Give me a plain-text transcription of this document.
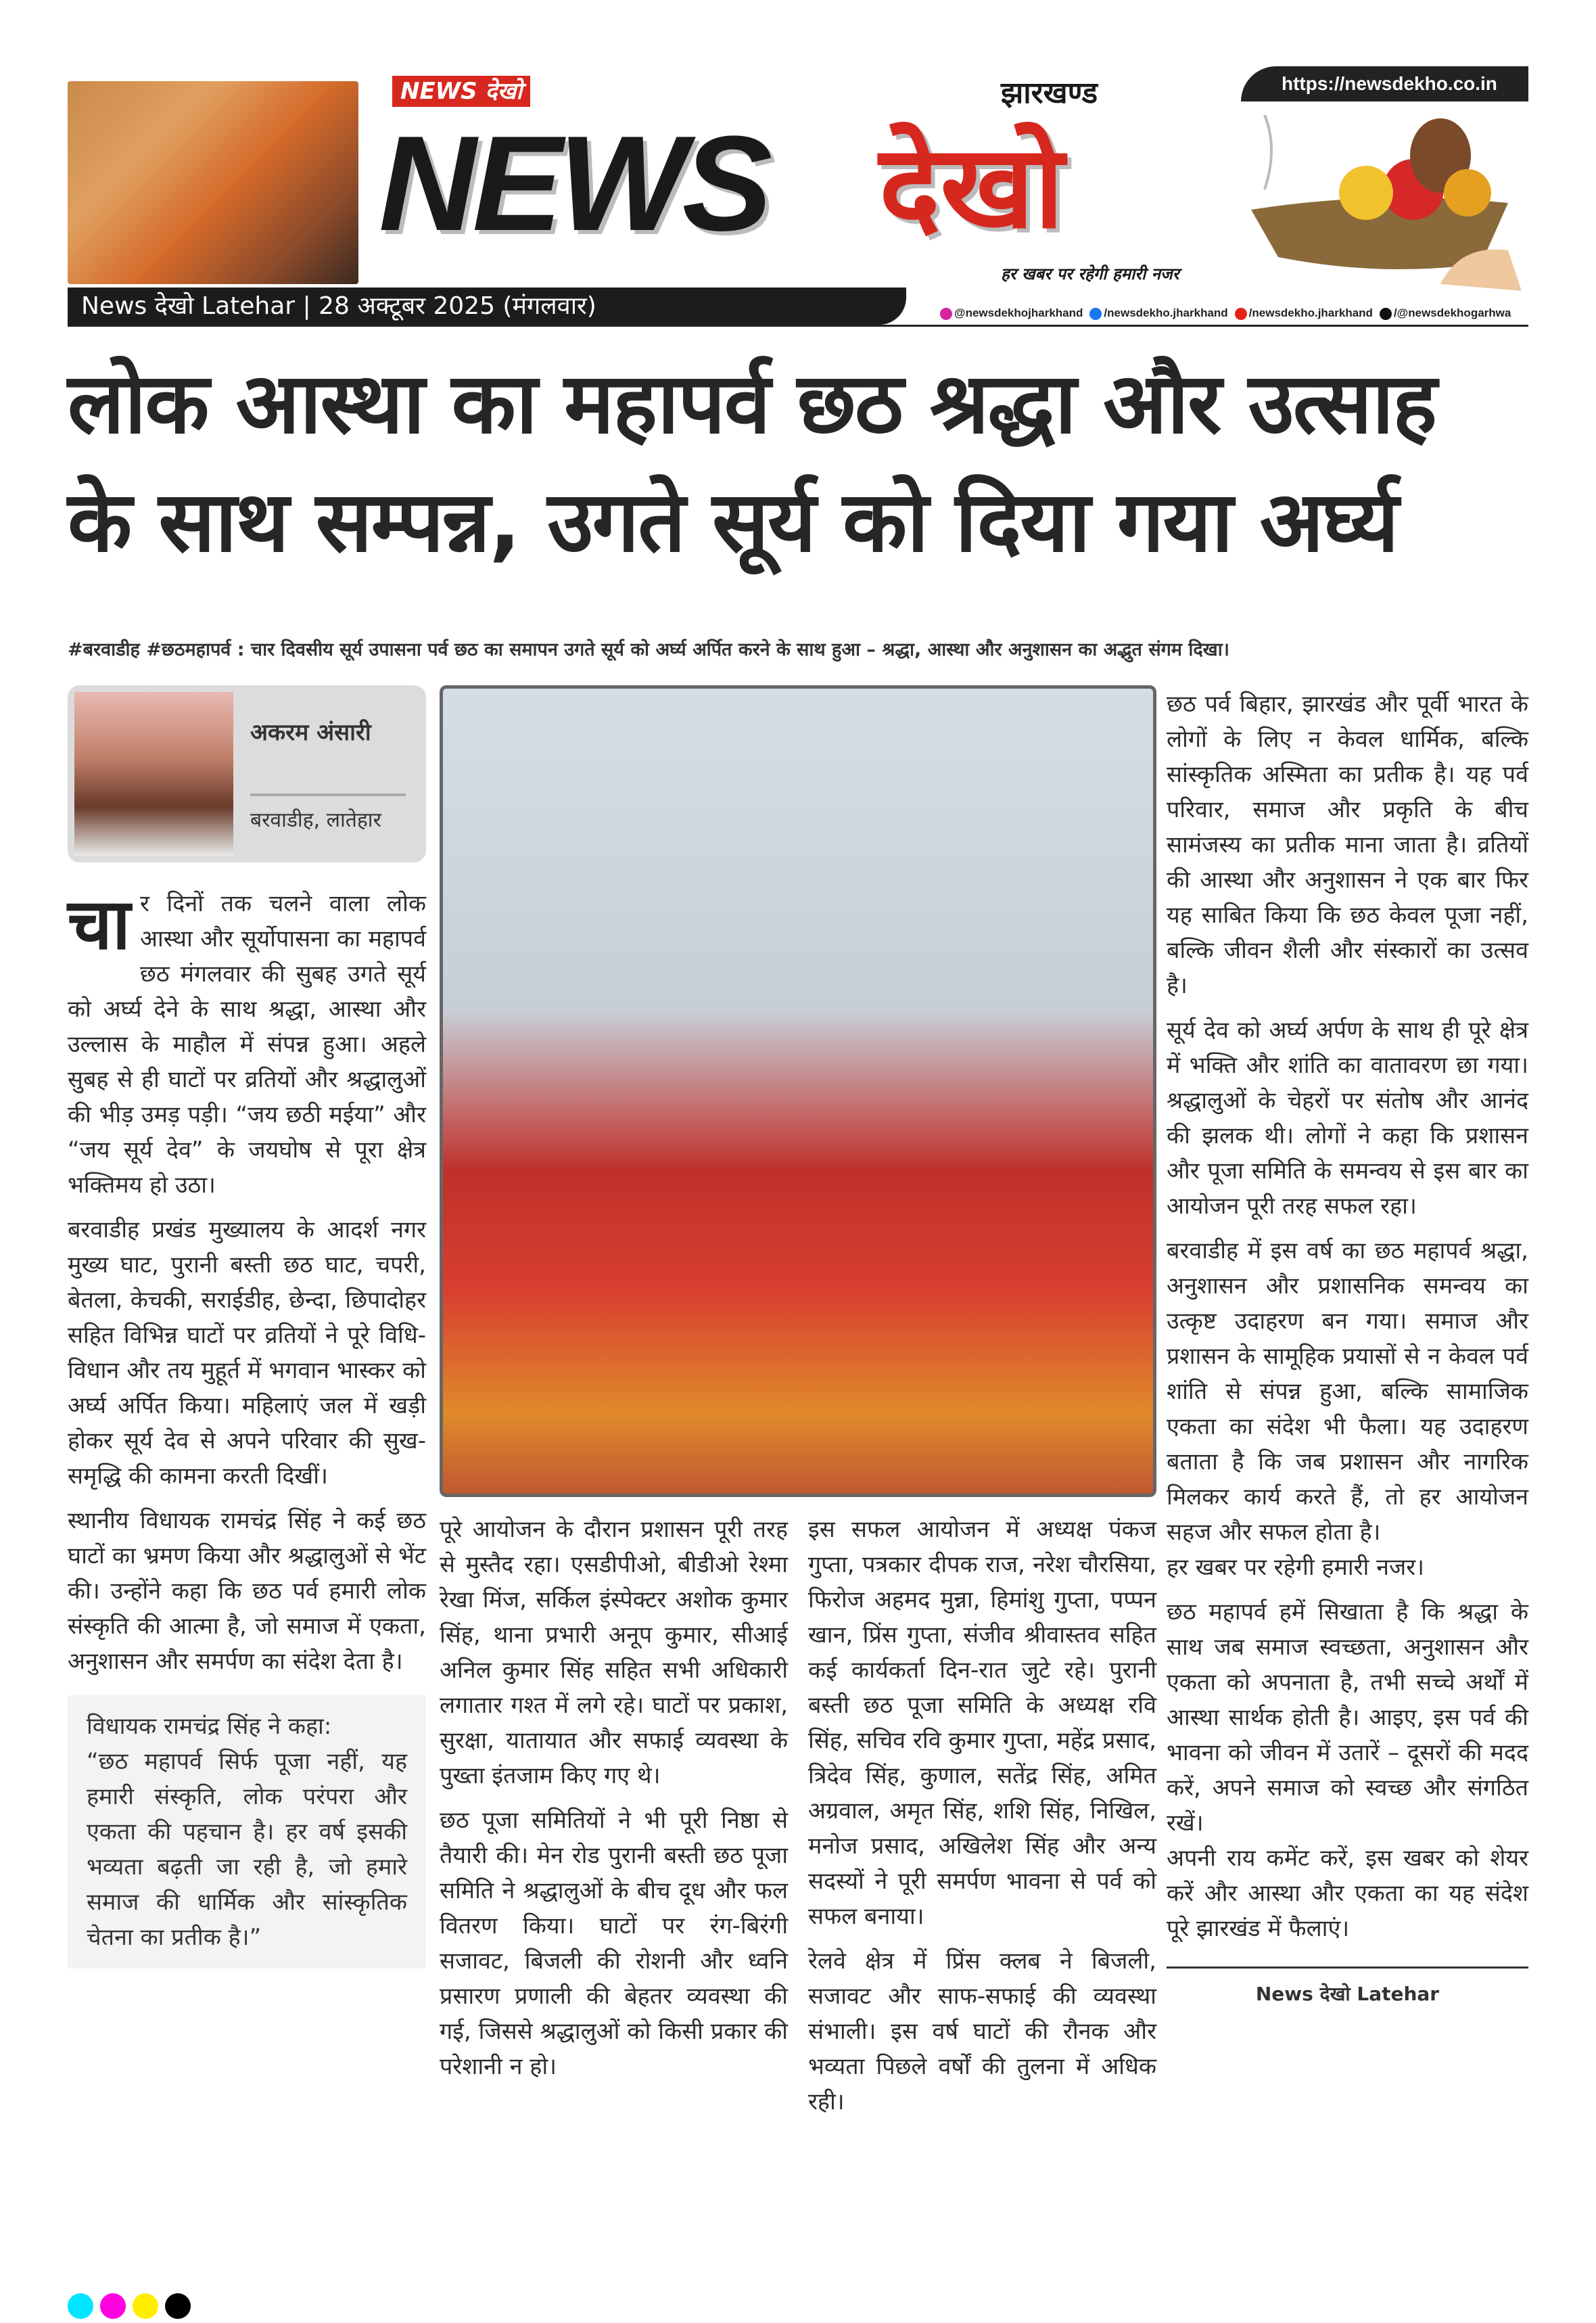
NEWS देखो
NEWS
झारखण्ड
देखो
हर खबर पर रहेगी हमारी नजर
https://newsdekho.co.in
News देखो Latehar | 28 अक्टूबर 2025 (मंगलवार)	@newsdekhojharkhand	/newsdekho.jharkhand	/newsdekho.jharkhand	/@newsdekhogarhwa
लोक आस्था का महापर्व छठ श्रद्धा और उत्साह
के साथ सम्पन्न, उगते सूर्य को दिया गया अर्घ्य
#बरवाडीह #छठमहापर्व : चार दिवसीय सूर्य उपासना पर्व छठ का समापन उगते सूर्य को अर्घ्य अर्पित करने के साथ हुआ – श्रद्धा, आस्था और अनुशासन का अद्भुत संगम दिखा।
अकरम अंसारी
बरवाडीह, लातेहार

चार दिनों तक चलने वाला लोक आस्था और सूर्योपासना का महापर्व छठ मंगलवार की सुबह उगते सूर्य को अर्घ्य देने के साथ श्रद्धा, आस्था और उल्लास के माहौल में संपन्न हुआ। अहले सुबह से ही घाटों पर व्रतियों और श्रद्धालुओं की भीड़ उमड़ पड़ी। “जय छठी मईया” और “जय सूर्य देव” के जयघोष से पूरा क्षेत्र भक्तिमय हो उठा।

बरवाडीह प्रखंड मुख्यालय के आदर्श नगर मुख्य घाट, पुरानी बस्ती छठ घाट, चपरी, बेतला, केचकी, सराईडीह, छेन्दा, छिपादोहर सहित विभिन्न घाटों पर व्रतियों ने पूरे विधि-विधान और तय मुहूर्त में भगवान भास्कर को अर्घ्य अर्पित किया। महिलाएं जल में खड़ी होकर सूर्य देव से अपने परिवार की सुख-समृद्धि की कामना करती दिखीं।

स्थानीय विधायक रामचंद्र सिंह ने कई छठ घाटों का भ्रमण किया और श्रद्धालुओं से भेंट की। उन्होंने कहा कि छठ पर्व हमारी लोक संस्कृति की आत्मा है, जो समाज में एकता, अनुशासन और समर्पण का संदेश देता है।

विधायक रामचंद्र सिंह ने कहा:
“छठ महापर्व सिर्फ पूजा नहीं, यह हमारी संस्कृति, लोक परंपरा और एकता की पहचान है। हर वर्ष इसकी भव्यता बढ़ती जा रही है, जो हमारे समाज की धार्मिक और सांस्कृतिक चेतना का प्रतीक है।”

पूरे आयोजन के दौरान प्रशासन पूरी तरह से मुस्तैद रहा। एसडीपीओ, बीडीओ रेश्मा रेखा मिंज, सर्किल इंस्पेक्टर अशोक कुमार सिंह, थाना प्रभारी अनूप कुमार, सीआई अनिल कुमार सिंह सहित सभी अधिकारी लगातार गश्त में लगे रहे। घाटों पर प्रकाश, सुरक्षा, यातायात और सफाई व्यवस्था के पुख्ता इंतजाम किए गए थे।

छठ पूजा समितियों ने भी पूरी निष्ठा से तैयारी की। मेन रोड पुरानी बस्ती छठ पूजा समिति ने श्रद्धालुओं के बीच दूध और फल वितरण किया। घाटों पर रंग-बिरंगी सजावट, बिजली की रोशनी और ध्वनि प्रसारण प्रणाली की बेहतर व्यवस्था की गई, जिससे श्रद्धालुओं को किसी प्रकार की परेशानी न हो।

इस सफल आयोजन में अध्यक्ष पंकज गुप्ता, पत्रकार दीपक राज, नरेश चौरसिया, फिरोज अहमद मुन्ना, हिमांशु गुप्ता, पप्पन खान, प्रिंस गुप्ता, संजीव श्रीवास्तव सहित कई कार्यकर्ता दिन-रात जुटे रहे। पुरानी बस्ती छठ पूजा समिति के अध्यक्ष रवि सिंह, सचिव रवि कुमार गुप्ता, महेंद्र प्रसाद, त्रिदेव सिंह, कुणाल, सतेंद्र सिंह, अमित अग्रवाल, अमृत सिंह, शशि सिंह, निखिल, मनोज प्रसाद, अखिलेश सिंह और अन्य सदस्यों ने पूरी समर्पण भावना से पर्व को सफल बनाया।

रेलवे क्षेत्र में प्रिंस क्लब ने बिजली, सजावट और साफ-सफाई की व्यवस्था संभाली। इस वर्ष घाटों की रौनक और भव्यता पिछले वर्षों की तुलना में अधिक रही।

छठ पर्व बिहार, झारखंड और पूर्वी भारत के लोगों के लिए न केवल धार्मिक, बल्कि सांस्कृतिक अस्मिता का प्रतीक है। यह पर्व परिवार, समाज और प्रकृति के बीच सामंजस्य का प्रतीक माना जाता है। व्रतियों की आस्था और अनुशासन ने एक बार फिर यह साबित किया कि छठ केवल पूजा नहीं, बल्कि जीवन शैली और संस्कारों का उत्सव है।

सूर्य देव को अर्घ्य अर्पण के साथ ही पूरे क्षेत्र में भक्ति और शांति का वातावरण छा गया। श्रद्धालुओं के चेहरों पर संतोष और आनंद की झलक थी। लोगों ने कहा कि प्रशासन और पूजा समिति के समन्वय से इस बार का आयोजन पूरी तरह सफल रहा।

बरवाडीह में इस वर्ष का छठ महापर्व श्रद्धा, अनुशासन और प्रशासनिक समन्वय का उत्कृष्ट उदाहरण बन गया। समाज और प्रशासन के सामूहिक प्रयासों से न केवल पर्व शांति से संपन्न हुआ, बल्कि सामाजिक एकता का संदेश भी फैला। यह उदाहरण बताता है कि जब प्रशासन और नागरिक मिलकर कार्य करते हैं, तो हर आयोजन सहज और सफल होता है।

हर खबर पर रहेगी हमारी नजर।

छठ महापर्व हमें सिखाता है कि श्रद्धा के साथ जब समाज स्वच्छता, अनुशासन और एकता को अपनाता है, तभी सच्चे अर्थों में आस्था सार्थक होती है। आइए, इस पर्व की भावना को जीवन में उतारें – दूसरों की मदद करें, अपने समाज को स्वच्छ और संगठित रखें।

अपनी राय कमेंट करें, इस खबर को शेयर करें और आस्था और एकता का यह संदेश पूरे झारखंड में फैलाएं।

News देखो Latehar
